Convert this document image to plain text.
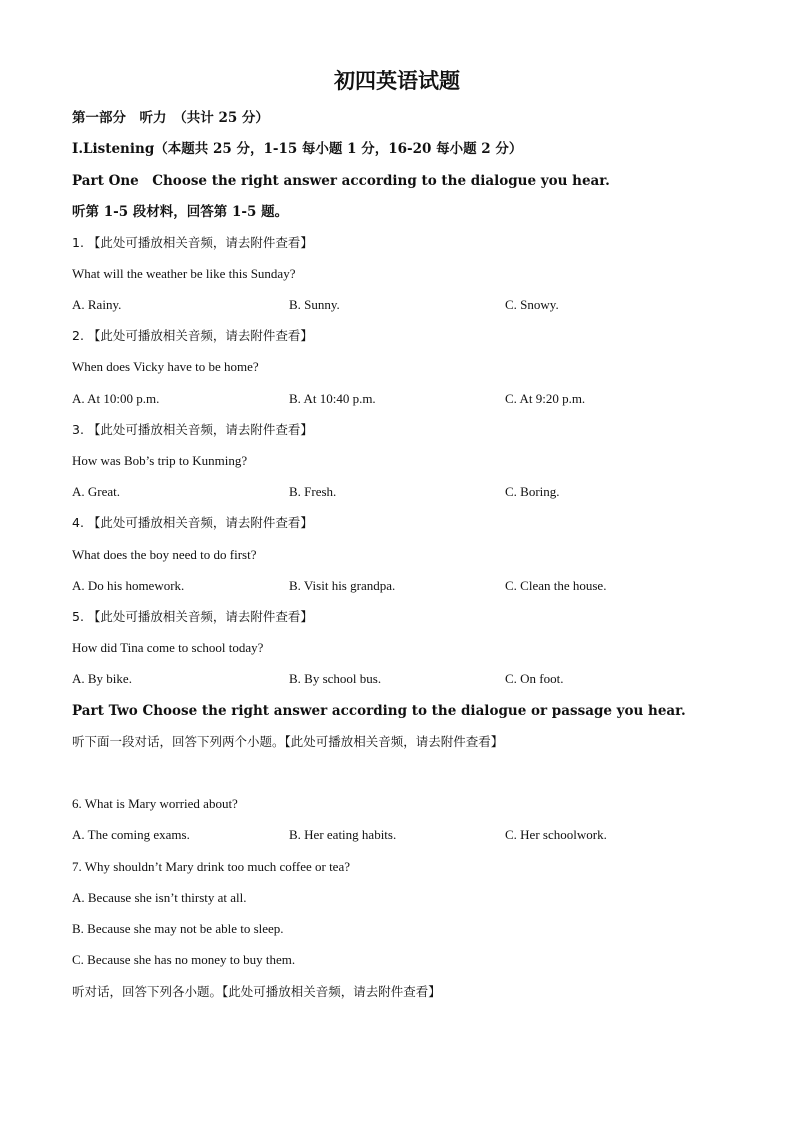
初四英语试题
第一部分　听力　（共计 25 分）
I.Listening（本题共 25 分，1-15 每小题 1 分，16-20 每小题 2 分）
Part One　Choose the right answer according to the dialogue you hear.
听第 1-5 段材料，回答第 1-5 题。
1. 【此处可播放相关音频，请去附件查看】
What will the weather be like this Sunday?
A. Rainy.	B. Sunny.	C. Snowy.
2. 【此处可播放相关音频，请去附件查看】
When does Vicky have to be home?
A. At 10:00 p.m.	B. At 10:40 p.m.	C. At 9:20 p.m.
3. 【此处可播放相关音频，请去附件查看】
How was Bob’s trip to Kunming?
A. Great.	B. Fresh.	C. Boring.
4. 【此处可播放相关音频，请去附件查看】
What does the boy need to do first?
A. Do his homework.	B. Visit his grandpa.	C. Clean the house.
5. 【此处可播放相关音频，请去附件查看】
How did Tina come to school today?
A. By bike.	B. By school bus.	C. On foot.
Part Two Choose the right answer according to the dialogue or passage you hear.
听下面一段对话，回答下列两个小题。【此处可播放相关音频，请去附件查看】
6. What is Mary worried about?
A. The coming exams.	B. Her eating habits.	C. Her schoolwork.
7. Why shouldn’t Mary drink too much coffee or tea?
A. Because she isn’t thirsty at all.
B. Because she may not be able to sleep.
C. Because she has no money to buy them.
听对话，回答下列各小题。【此处可播放相关音频，请去附件查看】
